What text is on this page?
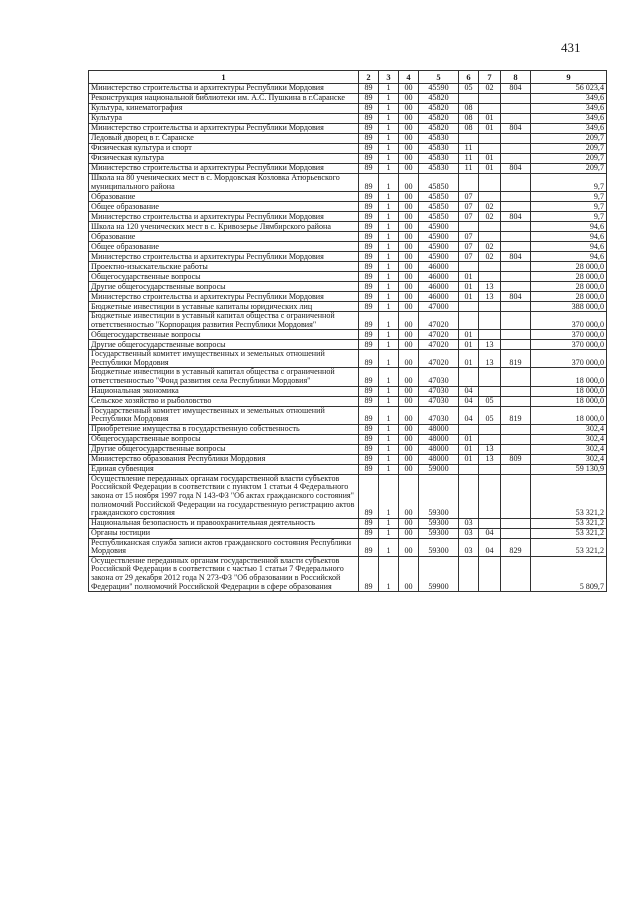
431
1	2	3	4	5	6	7	8	9
Министерство строительства и архитектуры Республики Мордовия	89	1	00	45590	05	02	804	56 023,4
Реконструкция национальной библиотеки им. А.С. Пушкина в г.Саранске	89	1	00	45820				349,6
Культура, кинематография	89	1	00	45820	08			349,6
Культура	89	1	00	45820	08	01		349,6
Министерство строительства и архитектуры Республики Мордовия	89	1	00	45820	08	01	804	349,6
Ледовый дворец в г. Саранске	89	1	00	45830				209,7
Физическая культура и спорт	89	1	00	45830	11			209,7
Физическая культура	89	1	00	45830	11	01		209,7
Министерство строительства и архитектуры Республики Мордовия	89	1	00	45830	11	01	804	209,7
Школа на 80 ученических мест в с. Мордовская Козловка Атюрьевского муниципального района	89	1	00	45850				9,7
Образование	89	1	00	45850	07			9,7
Общее образование	89	1	00	45850	07	02		9,7
Министерство строительства и архитектуры Республики Мордовия	89	1	00	45850	07	02	804	9,7
Школа на 120 ученических мест в с. Кривозерье Лямбирского района	89	1	00	45900				94,6
Образование	89	1	00	45900	07			94,6
Общее образование	89	1	00	45900	07	02		94,6
Министерство строительства и архитектуры Республики Мордовия	89	1	00	45900	07	02	804	94,6
Проектно-изыскательские работы	89	1	00	46000				28 000,0
Общегосударственные вопросы	89	1	00	46000	01			28 000,0
Другие общегосударственные вопросы	89	1	00	46000	01	13		28 000,0
Министерство строительства и архитектуры Республики Мордовия	89	1	00	46000	01	13	804	28 000,0
Бюджетные инвестиции в уставные капиталы юридических лиц	89	1	00	47000				388 000,0
Бюджетные инвестиции в уставный капитал общества с ограниченной ответственностью "Корпорация развития Республики Мордовия"	89	1	00	47020				370 000,0
Общегосударственные вопросы	89	1	00	47020	01			370 000,0
Другие общегосударственные вопросы	89	1	00	47020	01	13		370 000,0
Государственный комитет имущественных и земельных отношений Республики Мордовия	89	1	00	47020	01	13	819	370 000,0
Бюджетные инвестиции в уставный капитал общества с ограниченной ответственностью "Фонд развития села Республики Мордовия"	89	1	00	47030				18 000,0
Национальная экономика	89	1	00	47030	04			18 000,0
Сельское хозяйство и рыболовство	89	1	00	47030	04	05		18 000,0
Государственный комитет имущественных и земельных отношений Республики Мордовия	89	1	00	47030	04	05	819	18 000,0
Приобретение имущества в государственную собственность	89	1	00	48000				302,4
Общегосударственные вопросы	89	1	00	48000	01			302,4
Другие общегосударственные вопросы	89	1	00	48000	01	13		302,4
Министерство образования Республики Мордовия	89	1	00	48000	01	13	809	302,4
Единая субвенция	89	1	00	59000				59 130,9
Осуществление переданных органам государственной власти субъектов Российской Федерации в соответствии с пунктом 1 статьи 4 Федерального закона от 15 ноября 1997 года N 143-ФЗ "Об актах гражданского состояния" полномочий Российской Федерации на государственную регистрацию актов гражданского состояния	89	1	00	59300				53 321,2
Национальная безопасность и правоохранительная деятельность	89	1	00	59300	03			53 321,2
Органы юстиции	89	1	00	59300	03	04		53 321,2
Республиканская служба записи актов гражданского состояния Республики Мордовия	89	1	00	59300	03	04	829	53 321,2
Осуществление переданных органам государственной власти субъектов Российской Федерации в соответствии с частью 1 статьи 7 Федерального закона от 29 декабря 2012 года N 273-ФЗ "Об образовании в Российской Федерации" полномочий Российской Федерации в сфере образования	89	1	00	59900				5 809,7
